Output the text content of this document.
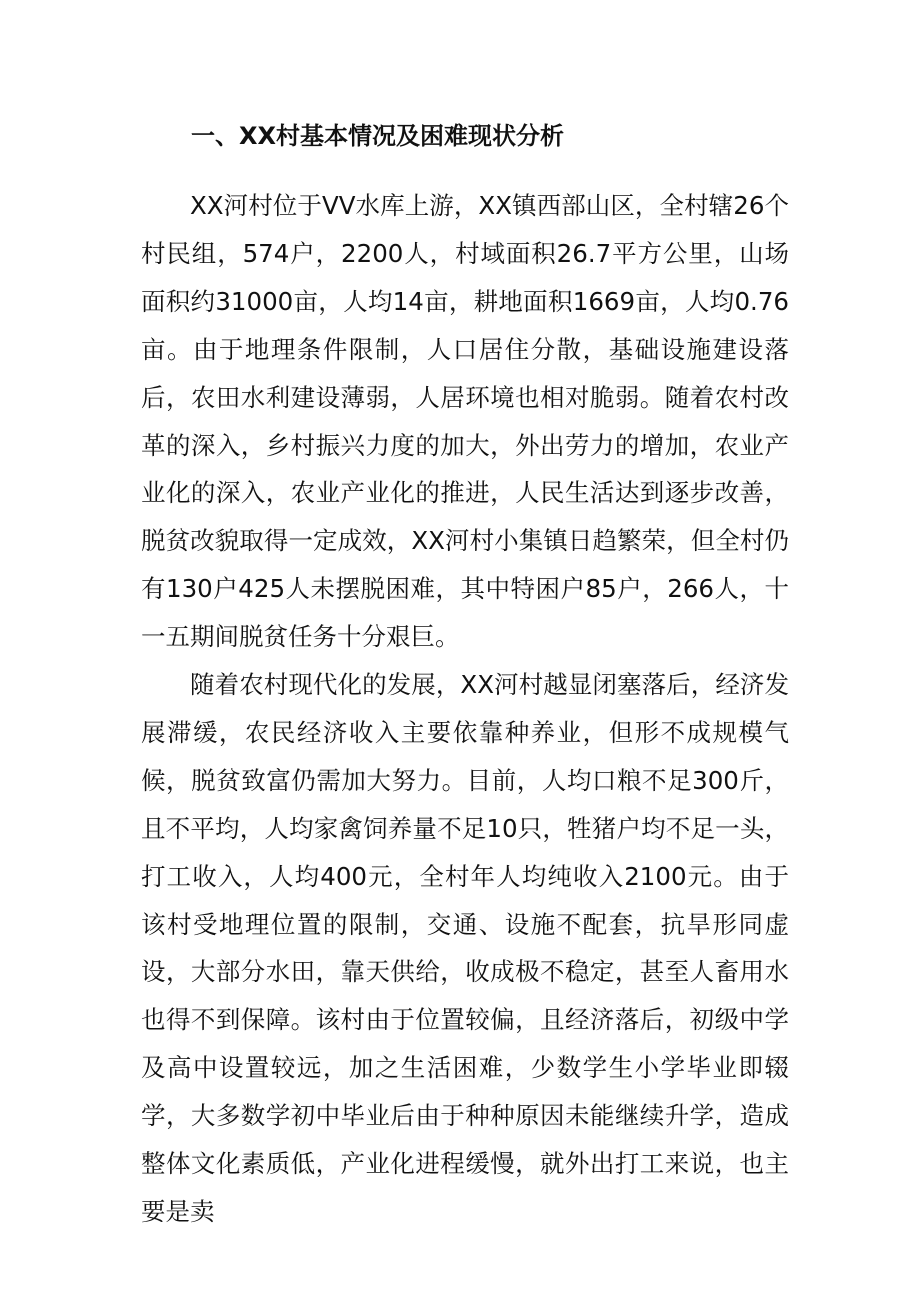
一、XX村基本情况及困难现状分析

XX河村位于VV水库上游，XX镇西部山区，全村辖26个村民组，574户，2200人，村域面积26.7平方公里，山场面积约31000亩，人均14亩，耕地面积1669亩，人均0.76亩。由于地理条件限制，人口居住分散，基础设施建设落后，农田水利建设薄弱，人居环境也相对脆弱。随着农村改革的深入，乡村振兴力度的加大，外出劳力的增加，农业产业化的深入，农业产业化的推进，人民生活达到逐步改善，脱贫改貌取得一定成效，XX河村小集镇日趋繁荣，但全村仍有130户425人未摆脱困难，其中特困户85户，266人，十一五期间脱贫任务十分艰巨。

随着农村现代化的发展，XX河村越显闭塞落后，经济发展滞缓，农民经济收入主要依靠种养业，但形不成规模气候，脱贫致富仍需加大努力。目前，人均口粮不足300斤，且不平均，人均家禽饲养量不足10只，牲猪户均不足一头，打工收入，人均400元，全村年人均纯收入2100元。由于该村受地理位置的限制，交通、设施不配套，抗旱形同虚设，大部分水田，靠天供给，收成极不稳定，甚至人畜用水也得不到保障。该村由于位置较偏，且经济落后，初级中学及高中设置较远，加之生活困难，少数学生小学毕业即辍学，大多数学初中毕业后由于种种原因未能继续升学，造成整体文化素质低，产业化进程缓慢，就外出打工来说，也主要是卖
